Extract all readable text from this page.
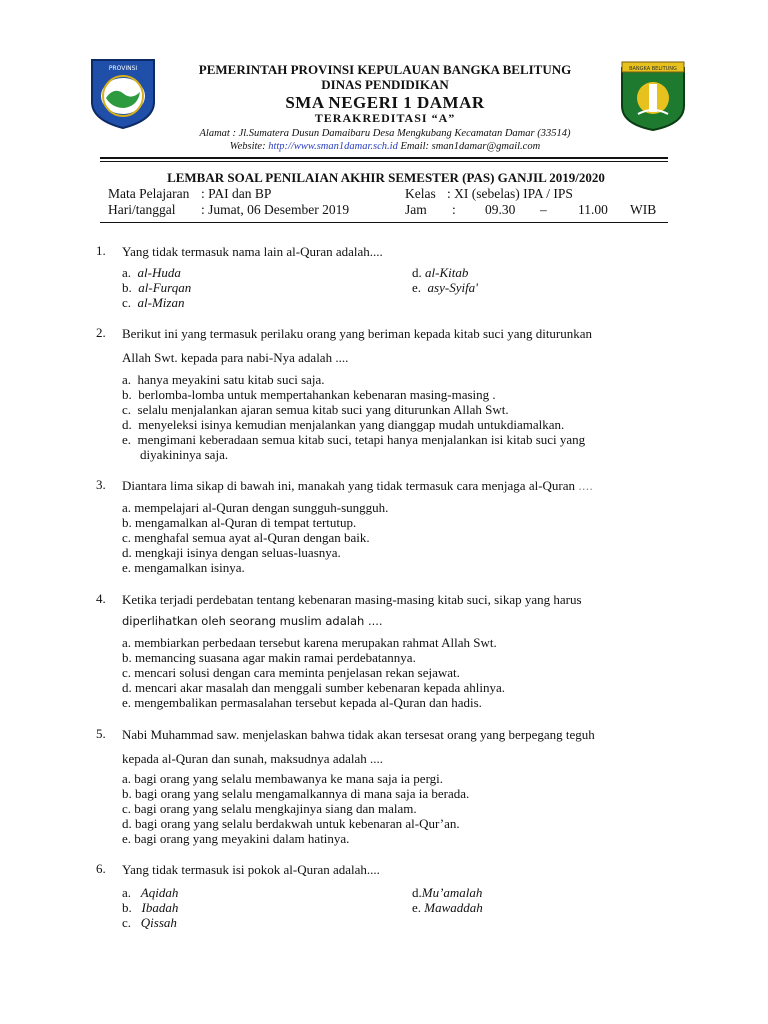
PROVINSI	BANGKA BELITUNG
PEMERINTAH PROVINSI KEPULAUAN BANGKA BELITUNG
DINAS PENDIDIKAN
SMA NEGERI 1 DAMAR
TERAKREDITASI “A”
Alamat : Jl.Sumatera Dusun Damaibaru Desa Mengkubang Kecamatan Damar (33514)
Website: http://www.sman1damar.sch.id Email: sman1damar@gmail.com
LEMBAR SOAL PENILAIAN AKHIR SEMESTER (PAS) GANJIL 2019/2020
Mata Pelajaran : PAI dan BP	Kelas : XI (sebelas) IPA / IPS
Hari/tanggal : Jumat, 06 Desember 2019	Jam : 09.30 – 11.00 WIB
1. Yang tidak termasuk nama lain al-Quran adalah....
a. al-Huda
b. al-Furqan
c. al-Mizan
d. al-Kitab
e. asy-Syifa'
2. Berikut ini yang termasuk perilaku orang yang beriman kepada kitab suci yang diturunkan
Allah Swt. kepada para nabi-Nya adalah ....
a. hanya meyakini satu kitab suci saja.
b. berlomba-lomba untuk mempertahankan kebenaran masing-masing .
c. selalu menjalankan ajaran semua kitab suci yang diturunkan Allah Swt.
d. menyeleksi isinya kemudian menjalankan yang dianggap mudah untukdiamalkan.
e. mengimani keberadaan semua kitab suci, tetapi hanya menjalankan isi kitab suci yang
diyakininya saja.
3. Diantara lima sikap di bawah ini, manakah yang tidak termasuk cara menjaga al-Quran ....
a. mempelajari al-Quran dengan sungguh-sungguh.
b. mengamalkan al-Quran di tempat tertutup.
c. menghafal semua ayat al-Quran dengan baik.
d. mengkaji isinya dengan seluas-luasnya.
e. mengamalkan isinya.
4. Ketika terjadi perdebatan tentang kebenaran masing-masing kitab suci, sikap yang harus
diperlihatkan oleh seorang muslim adalah ....
a. membiarkan perbedaan tersebut karena merupakan rahmat Allah Swt.
b. memancing suasana agar makin ramai perdebatannya.
c. mencari solusi dengan cara meminta penjelasan rekan sejawat.
d. mencari akar masalah dan menggali sumber kebenaran kepada ahlinya.
e. mengembalikan permasalahan tersebut kepada al-Quran dan hadis.
5. Nabi Muhammad saw. menjelaskan bahwa tidak akan tersesat orang yang berpegang teguh
kepada al-Quran dan sunah, maksudnya adalah ....
a. bagi orang yang selalu membawanya ke mana saja ia pergi.
b. bagi orang yang selalu mengamalkannya di mana saja ia berada.
c. bagi orang yang selalu mengkajinya siang dan malam.
d. bagi orang yang selalu berdakwah untuk kebenaran al-Qur’an.
e. bagi orang yang meyakini dalam hatinya.
6. Yang tidak termasuk isi pokok al-Quran adalah....
a. Aqidah
b. Ibadah
c. Qissah
d.Mu’amalah
e. Mawaddah
